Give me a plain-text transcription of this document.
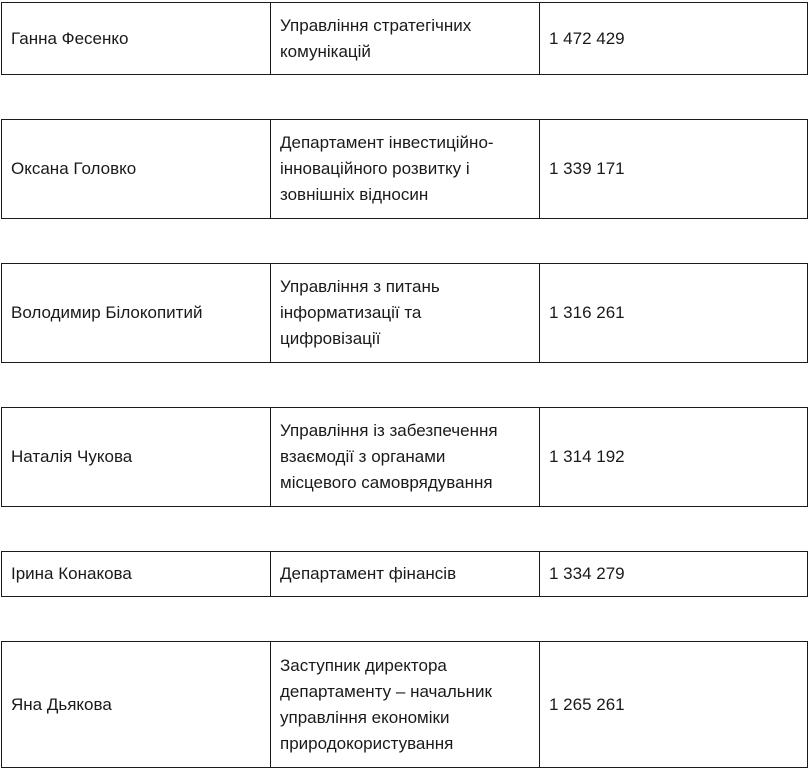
Ганна Фесенко
Управління стратегічних
комунікацій
1 472 429
Оксана Головко
Департамент інвестиційно-
інноваційного розвитку і
зовнішніх відносин
1 339 171
Володимир Білокопитий
Управління з питань
інформатизації та
цифровізації
1 316 261
Наталія Чукова
Управління із забезпечення
взаємодії з органами
місцевого самоврядування
1 314 192
Ірина Конакова	Департамент фінансів	1 334 279
Яна Дьякова
Заступник директора
департаменту – начальник
управління економіки
природокористування
1 265 261
